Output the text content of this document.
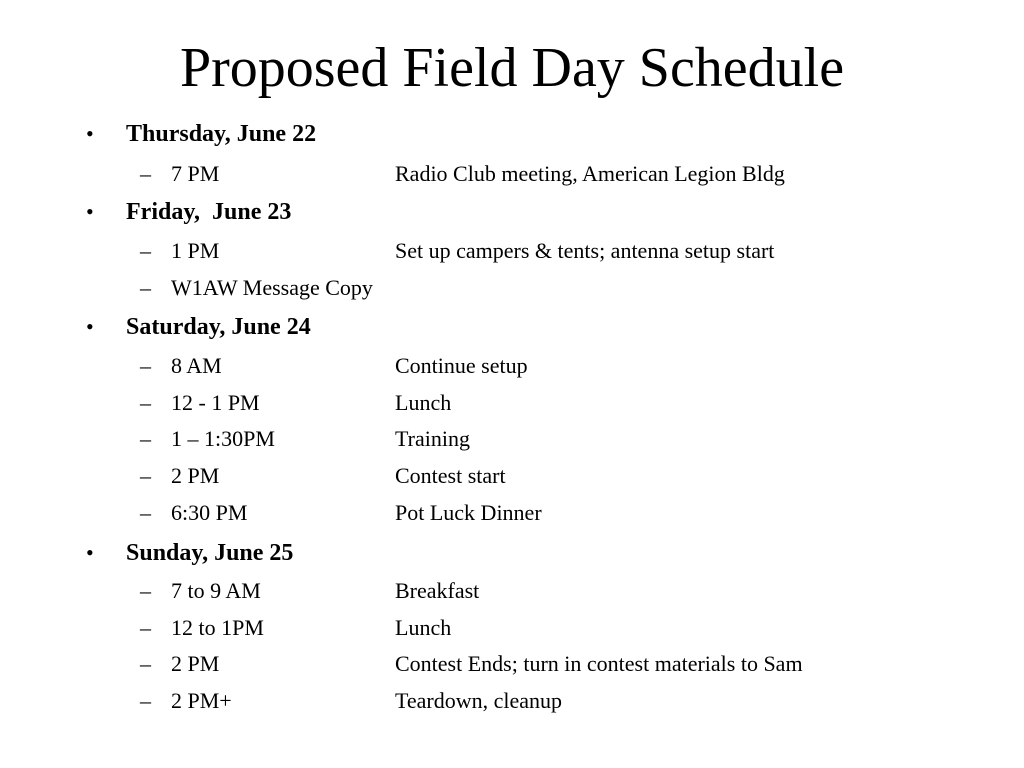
Proposed Field Day Schedule
• Thursday, June 22
– 7 PM	Radio Club meeting, American Legion Bldg
• Friday,  June 23
– 1 PM	Set up campers & tents; antenna setup start
– W1AW Message Copy
• Saturday, June 24
– 8 AM	Continue setup
– 12 - 1 PM	Lunch
– 1 – 1:30PM	Training
– 2 PM	Contest start
– 6:30 PM	Pot Luck Dinner
• Sunday, June 25
– 7 to 9 AM	Breakfast
– 12 to 1PM	Lunch
– 2 PM	Contest Ends; turn in contest materials to Sam
– 2 PM+	Teardown, cleanup
